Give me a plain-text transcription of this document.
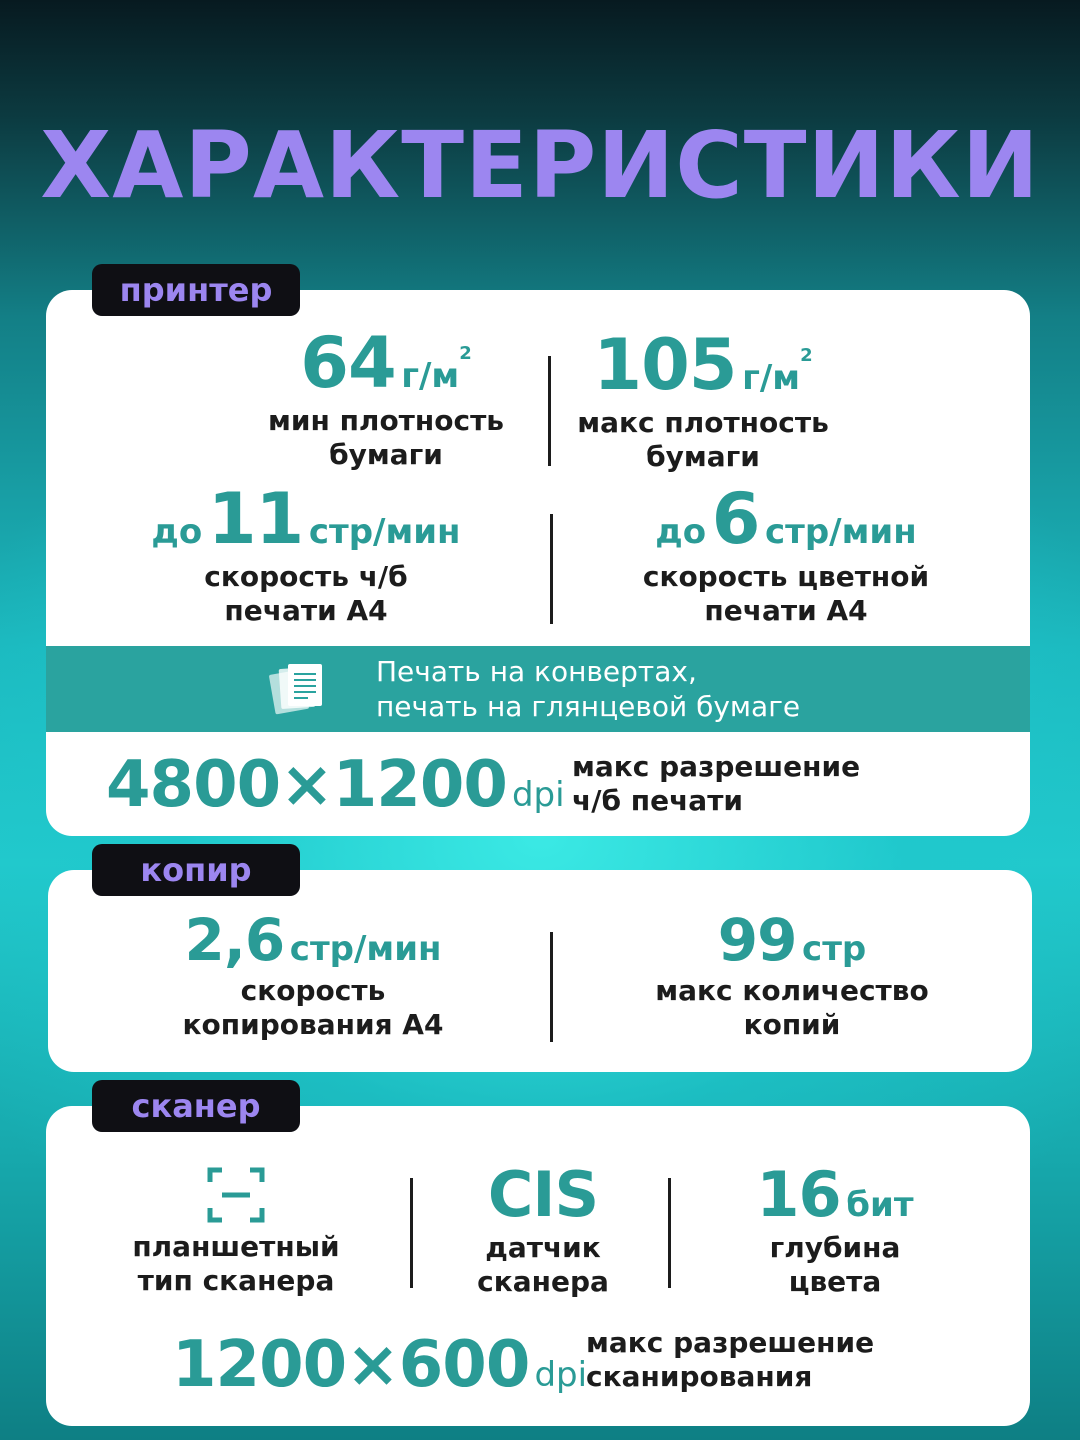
ХАРАКТЕРИСТИКИ
64 г/м2
мин плотность
бумаги
105 г/м2
макс плотность
бумаги
до 11 стр/мин
скорость ч/б
печати А4
до 6 стр/мин
скорость цветной
печати А4
Печать на конвертах,
печать на глянцевой бумаге
4800×1200 dpi
макс разрешение
ч/б печати
принтер
2,6 стр/мин
скорость
копирования А4
99 стр
макс количество
копий
копир
планшетный
тип сканера
CIS
датчик
сканера
16 бит
глубина
цвета
1200×600 dpi
макс разрешение
сканирования
сканер
